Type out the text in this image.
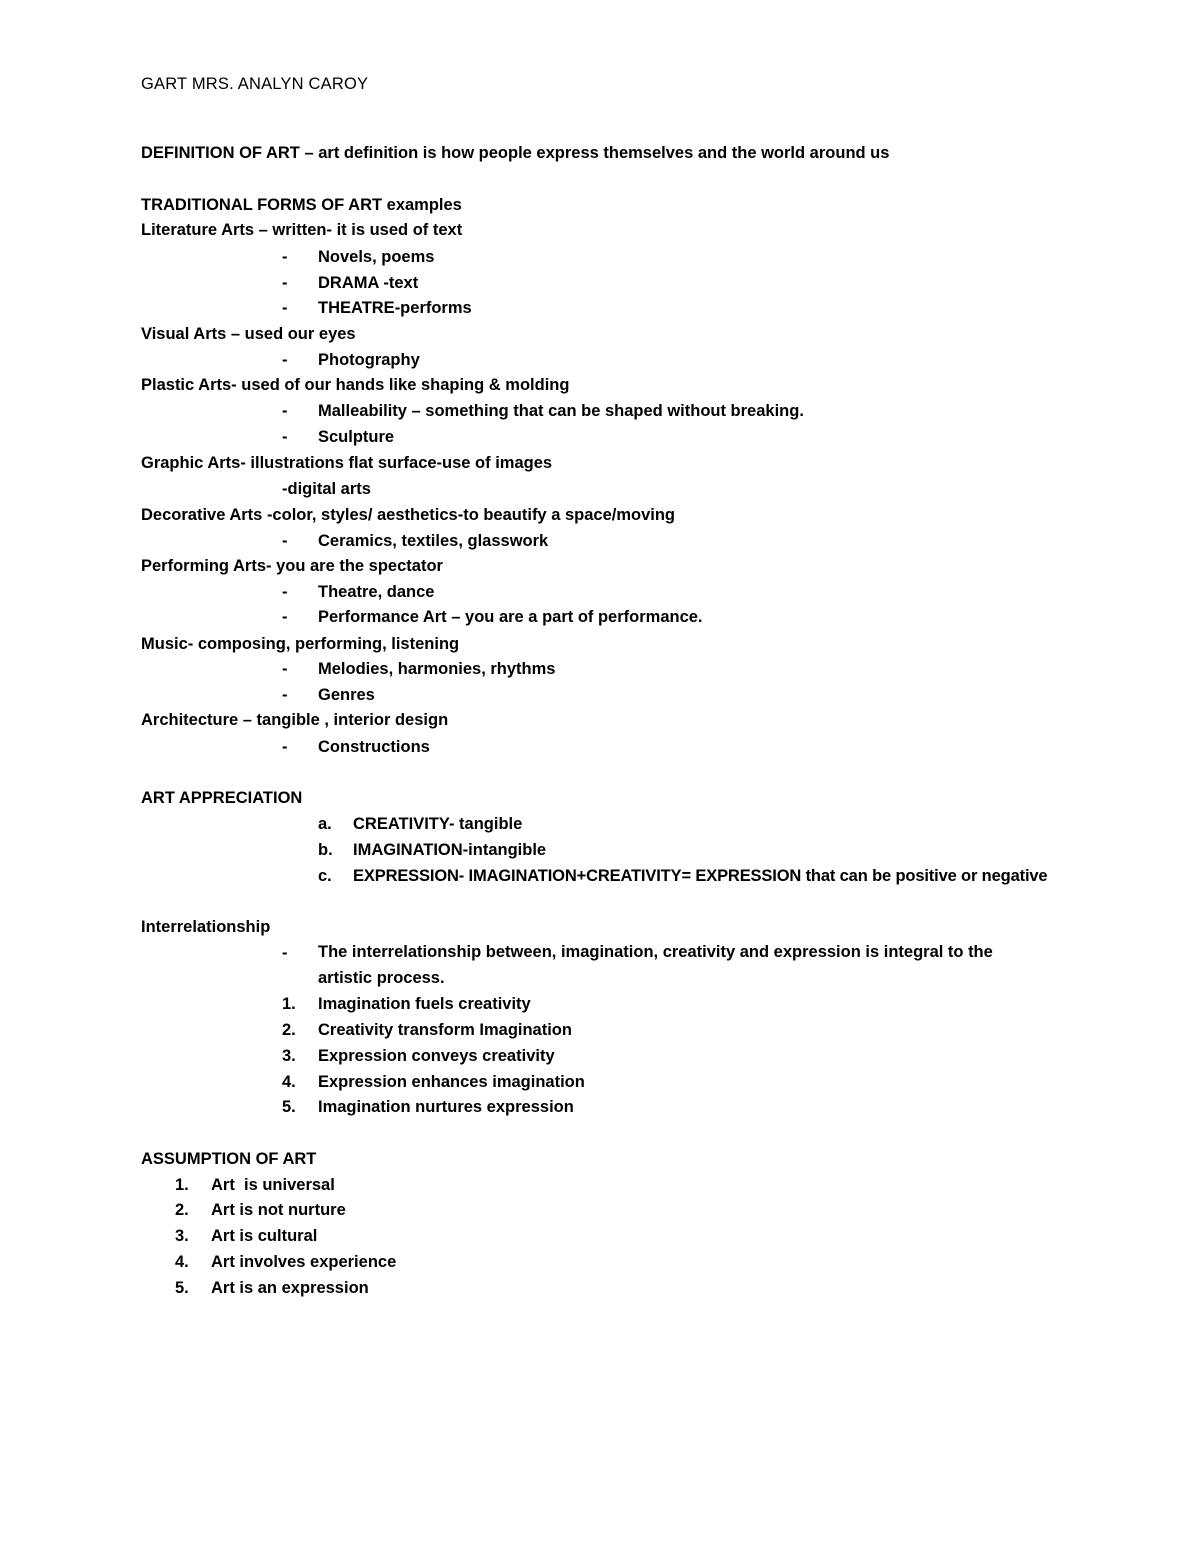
GART MRS. ANALYN CAROY
DEFINITION OF ART – art definition is how people express themselves and the world around us
TRADITIONAL FORMS OF ART examples
Literature Arts – written- it is used of text
- Novels, poems
- DRAMA -text
- THEATRE-performs
Visual Arts – used our eyes
- Photography
Plastic Arts- used of our hands like shaping & molding
- Malleability – something that can be shaped without breaking.
- Sculpture
Graphic Arts- illustrations flat surface-use of images
-digital arts
Decorative Arts -color, styles/ aesthetics-to beautify a space/moving
- Ceramics, textiles, glasswork
Performing Arts- you are the spectator
- Theatre, dance
- Performance Art – you are a part of performance.
Music- composing, performing, listening
- Melodies, harmonies, rhythms
- Genres
Architecture – tangible , interior design
- Constructions
ART APPRECIATION
a. CREATIVITY- tangible
b. IMAGINATION-intangible
c. EXPRESSION- IMAGINATION+CREATIVITY= EXPRESSION that can be positive or negative
Interrelationship
- The interrelationship between, imagination, creativity and expression is integral to the artistic process.
1. Imagination fuels creativity
2. Creativity transform Imagination
3. Expression conveys creativity
4. Expression enhances imagination
5. Imagination nurtures expression
ASSUMPTION OF ART
1. Art  is universal
2. Art is not nurture
3. Art is cultural
4. Art involves experience
5. Art is an expression
